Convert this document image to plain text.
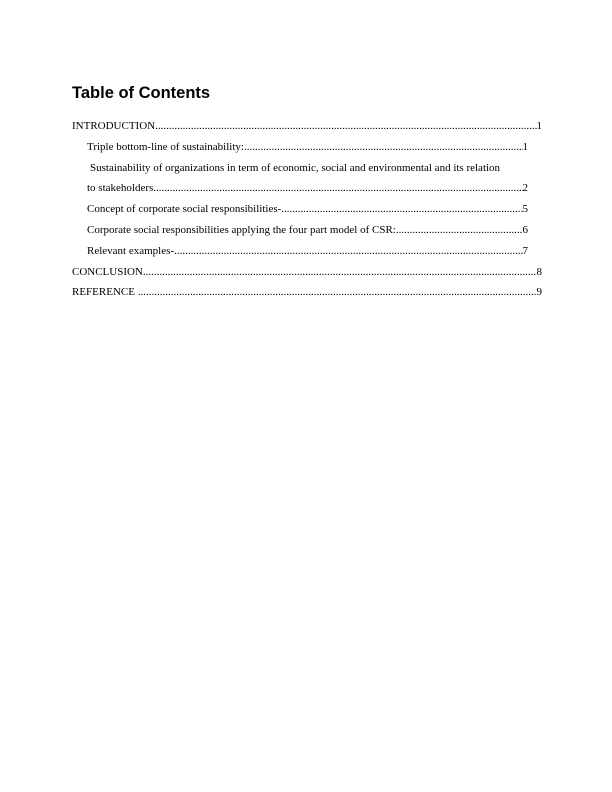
Table of Contents
INTRODUCTION .....	1
Triple bottom-line of sustainability: .....	1
Sustainability of organizations in term of economic, social and environmental and its relation
to stakeholders .....	2
Concept of corporate social responsibilities- .....	5
Corporate social responsibilities applying the four part model of CSR: .....	6
Relevant examples- .....	7
CONCLUSION .....	8
REFERENCE .....	9
